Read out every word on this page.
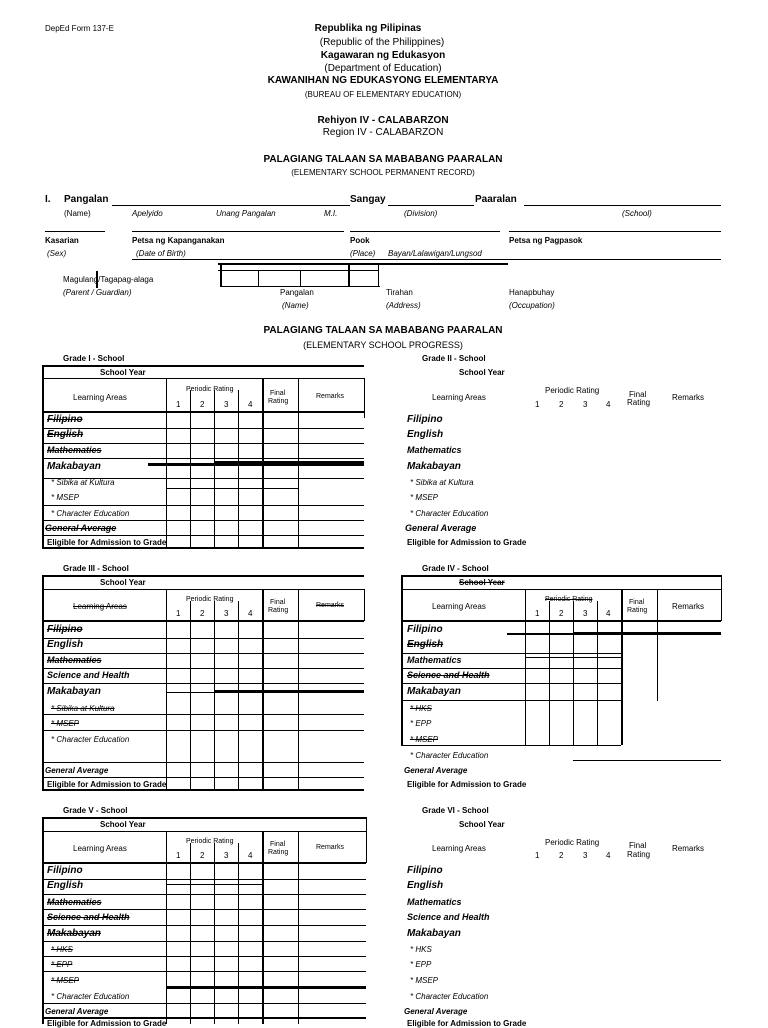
DepEd Form 137-E	Republika ng Pilipinas
(Republic of the Philippines)
Kagawaran ng Edukasyon
(Department of Education)
KAWANIHAN NG EDUKASYONG ELEMENTARYA
(BUREAU OF ELEMENTARY EDUCATION)
Rehiyon IV - CALABARZON
Region IV - CALABARZON
PALAGIANG TALAAN SA MABABANG PAARALAN
(ELEMENTARY SCHOOL PERMANENT RECORD)
I. Pangalan	Sangay	Paaralan
(Name)	Apelyido	Unang Pangalan	M.I.	(Division)	(School)
Kasarian	Petsa ng Kapanganakan	Pook	Petsa ng Pagpasok
(Sex)	(Date of Birth)	(Place) Bayan/Lalawigan/Lungsod
Magulang/Tagapag-alaga
(Parent / Guardian)	Pangalan	Tirahan	Hanapbuhay
(Name)	(Address)	(Occupation)
PALAGIANG TALAAN SA MABABANG PAARALAN
(ELEMENTARY SCHOOL PROGRESS)
Grade I - School
School Year
Periodic Rating
Learning Areas	Final
Rating
Remarks
1 2 3 4
Filipino
English
Mathematics
Makabayan
* Sibika at Kultura
* MSEP
* Character Education
General Average
Eligible for Admission to Grade
Grade II - School
School Year
Periodic Rating
Learning Areas	Final
Rating
Remarks
1 2 3 4
Filipino
English
Mathematics
Makabayan
* Sibika at Kultura
* MSEP
* Character Education
General Average
Eligible for Admission to Grade
Grade III - School
School Year
Periodic Rating
Learning Areas	Final
Rating
Remarks
1 2 3 4
Filipino
English
Mathematics
Science and Health
Makabayan
* Sibika at Kultura
* MSEP
* Character Education
General Average
Eligible for Admission to Grade
Grade IV - School
School Year
Periodic Rating
Learning Areas	Final
Rating	Remarks
1 2 3 4
Filipino
English
Mathematics
Science and Health
Makabayan
* HKS
* EPP
* MSEP
* Character Education
General Average
Eligible for Admission to Grade
Grade V - School
School Year
Periodic Rating
Learning Areas	Final
Rating
Remarks
1 2 3 4
Filipino
English
Mathematics
Science and Health
Makabayan
* HKS
* EPP
* MSEP
* Character Education
General Average
Eligible for Admission to Grade
Grade VI - School
School Year
Periodic Rating
Learning Areas	Final
Rating
Remarks
1 2 3 4
Filipino
English
Mathematics
Science and Health
Makabayan
* HKS
* EPP
* MSEP
* Character Education
General Average
Eligible for Admission to Grade
